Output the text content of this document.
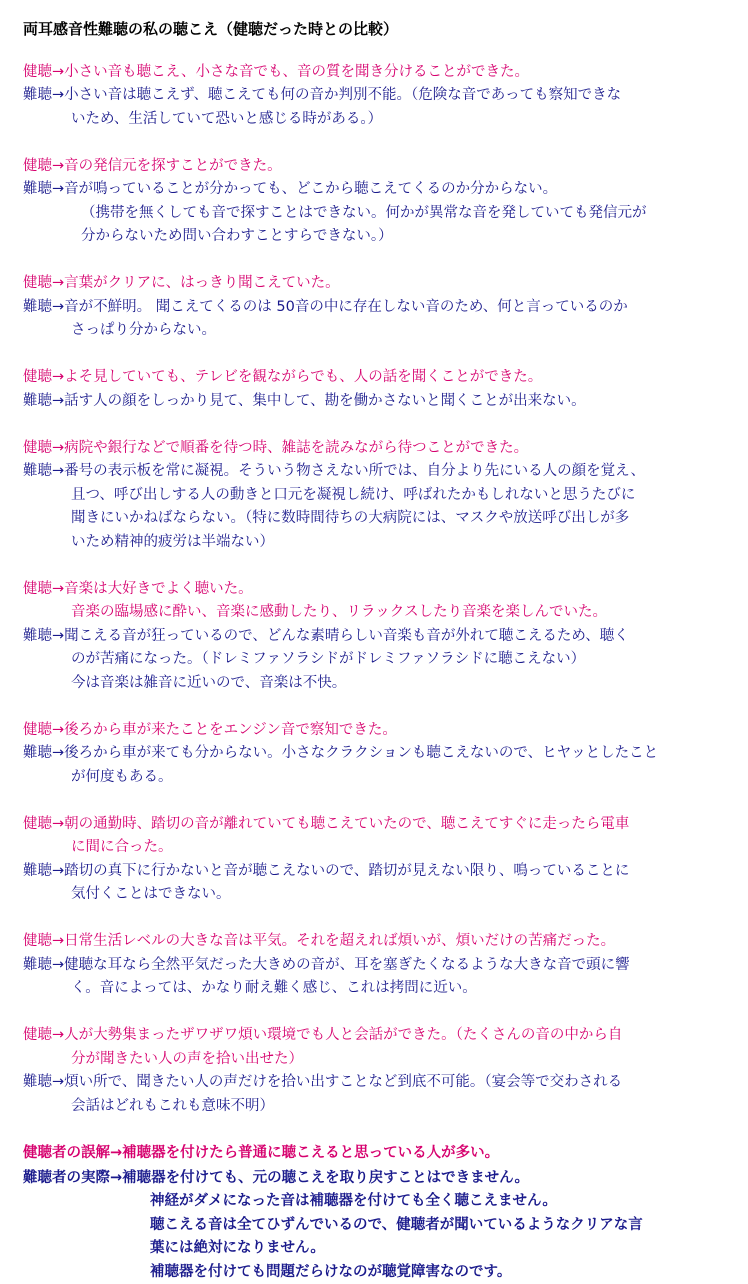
両耳感音性難聴の私の聴こえ（健聴だった時との比較）
健聴→小さい音も聴こえ、小さな音でも、音の質を聞き分けることができた。
難聴→小さい音は聴こえず、聴こえても何の音か判別不能。（危険な音であっても察知できな
いため、生活していて恐いと感じる時がある。）
健聴→音の発信元を探すことができた。
難聴→音が鳴っていることが分かっても、どこから聴こえてくるのか分からない。
（携帯を無くしても音で探すことはできない。何かが異常な音を発していても発信元が
分からないため問い合わすことすらできない。）
健聴→言葉がクリアに、はっきり聞こえていた。
難聴→音が不鮮明。 聞こえてくるのは 50音の中に存在しない音のため、何と言っているのか
さっぱり分からない。
健聴→よそ見していても、テレビを観ながらでも、人の話を聞くことができた。
難聴→話す人の顔をしっかり見て、集中して、勘を働かさないと聞くことが出来ない。
健聴→病院や銀行などで順番を待つ時、雑誌を読みながら待つことができた。
難聴→番号の表示板を常に凝視。そういう物さえない所では、自分より先にいる人の顔を覚え、
且つ、呼び出しする人の動きと口元を凝視し続け、呼ばれたかもしれないと思うたびに
聞きにいかねばならない。（特に数時間待ちの大病院には、マスクや放送呼び出しが多
いため精神的疲労は半端ない）
健聴→音楽は大好きでよく聴いた。
音楽の臨場感に酔い、音楽に感動したり、リラックスしたり音楽を楽しんでいた。
難聴→聞こえる音が狂っているので、どんな素晴らしい音楽も音が外れて聴こえるため、聴く
のが苦痛になった。（ドレミファソラシドがドレミファソラシドに聴こえない）
今は音楽は雑音に近いので、音楽は不快。
健聴→後ろから車が来たことをエンジン音で察知できた。
難聴→後ろから車が来ても分からない。小さなクラクションも聴こえないので、ヒヤッとしたこと
が何度もある。
健聴→朝の通勤時、踏切の音が離れていても聴こえていたので、聴こえてすぐに走ったら電車
に間に合った。
難聴→踏切の真下に行かないと音が聴こえないので、踏切が見えない限り、鳴っていることに
気付くことはできない。
健聴→日常生活レベルの大きな音は平気。それを超えれば煩いが、煩いだけの苦痛だった。
難聴→健聴な耳なら全然平気だった大きめの音が、耳を塞ぎたくなるような大きな音で頭に響
く。音によっては、かなり耐え難く感じ、これは拷問に近い。
健聴→人が大勢集まったザワザワ煩い環境でも人と会話ができた。（たくさんの音の中から自
分が聞きたい人の声を拾い出せた）
難聴→煩い所で、聞きたい人の声だけを拾い出すことなど到底不可能。（宴会等で交わされる
会話はどれもこれも意味不明）
健聴者の誤解→補聴器を付けたら普通に聴こえると思っている人が多い。
難聴者の実際→補聴器を付けても、元の聴こえを取り戻すことはできません。
神経がダメになった音は補聴器を付けても全く聴こえません。
聴こえる音は全てひずんでいるので、健聴者が聞いているようなクリアな言
葉には絶対になりません。
補聴器を付けても問題だらけなのが聴覚障害なのです。
